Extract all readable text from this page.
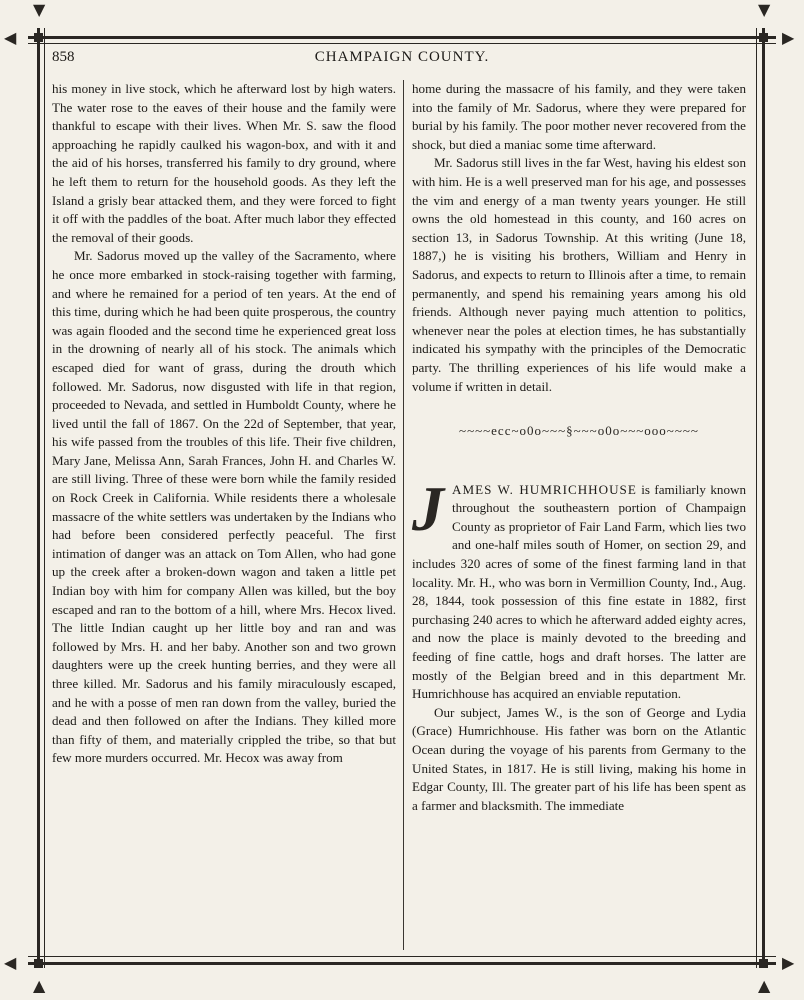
▼	▼
▲	▲
◀	▶
◀	▶
858	CHAMPAIGN COUNTY.

his money in live stock, which he afterward lost by high waters. The water rose to the eaves of their house and the family were thankful to escape with their lives. When Mr. S. saw the flood approaching he rapidly caulked his wagon-box, and with it and the aid of his horses, transferred his family to dry ground, where he left them to return for the household goods. As they left the Island a grisly bear attacked them, and they were forced to fight it off with the paddles of the boat. After much labor they effected the removal of their goods.

Mr. Sadorus moved up the valley of the Sacramento, where he once more embarked in stock-raising together with farming, and where he remained for a period of ten years. At the end of this time, during which he had been quite prosperous, the country was again flooded and the second time he experienced great loss in the drowning of nearly all of his stock. The animals which escaped died for want of grass, during the drouth which followed. Mr. Sadorus, now disgusted with life in that region, proceeded to Nevada, and settled in Humboldt County, where he lived until the fall of 1867. On the 22d of September, that year, his wife passed from the troubles of this life. Their five children, Mary Jane, Melissa Ann, Sarah Frances, John H. and Charles W. are still living. Three of these were born while the family resided on Rock Creek in California. While residents there a wholesale massacre of the white settlers was undertaken by the Indians who had before been considered perfectly peaceful. The first intimation of danger was an attack on Tom Allen, who had gone up the creek after a broken-down wagon and taken a little pet Indian boy with him for company Allen was killed, but the boy escaped and ran to the bottom of a hill, where Mrs. Hecox lived. The little Indian caught up her little boy and ran and was followed by Mrs. H. and her baby. Another son and two grown daughters were up the creek hunting berries, and they were all three killed. Mr. Sadorus and his family miraculously escaped, and he with a posse of men ran down from the valley, buried the dead and then followed on after the Indians. They killed more than fifty of them, and materially crippled the tribe, so that but few more murders occurred. Mr. Hecox was away from

home during the massacre of his family, and they were taken into the family of Mr. Sadorus, where they were prepared for burial by his family. The poor mother never recovered from the shock, but died a maniac some time afterward.

Mr. Sadorus still lives in the far West, having his eldest son with him. He is a well preserved man for his age, and possesses the vim and energy of a man twenty years younger. He still owns the old homestead in this county, and 160 acres on section 13, in Sadorus Township. At this writing (June 18, 1887,) he is visiting his brothers, William and Henry in Sadorus, and expects to return to Illinois after a time, to remain permanently, and spend his remaining years among his old friends. Although never paying much attention to politics, whenever near the poles at election times, he has substantially indicated his sympathy with the principles of the Democratic party. The thrilling experiences of his life would make a volume if written in detail.

~~~~ecc~o0o~~~§~~~o0o~~~ooo~~~~

JAMES W. HUMRICHHOUSE is familiarly known throughout the southeastern portion of Champaign County as proprietor of Fair Land Farm, which lies two and one-half miles south of Homer, on section 29, and includes 320 acres of some of the finest farming land in that locality. Mr. H., who was born in Vermillion County, Ind., Aug. 28, 1844, took possession of this fine estate in 1882, first purchasing 240 acres to which he afterward added eighty acres, and now the place is mainly devoted to the breeding and feeding of fine cattle, hogs and draft horses. The latter are mostly of the Belgian breed and in this department Mr. Humrichhouse has acquired an enviable reputation.

Our subject, James W., is the son of George and Lydia (Grace) Humrichhouse. His father was born on the Atlantic Ocean during the voyage of his parents from Germany to the United States, in 1817. He is still living, making his home in Edgar County, Ill. The greater part of his life has been spent as a farmer and blacksmith. The immediate
